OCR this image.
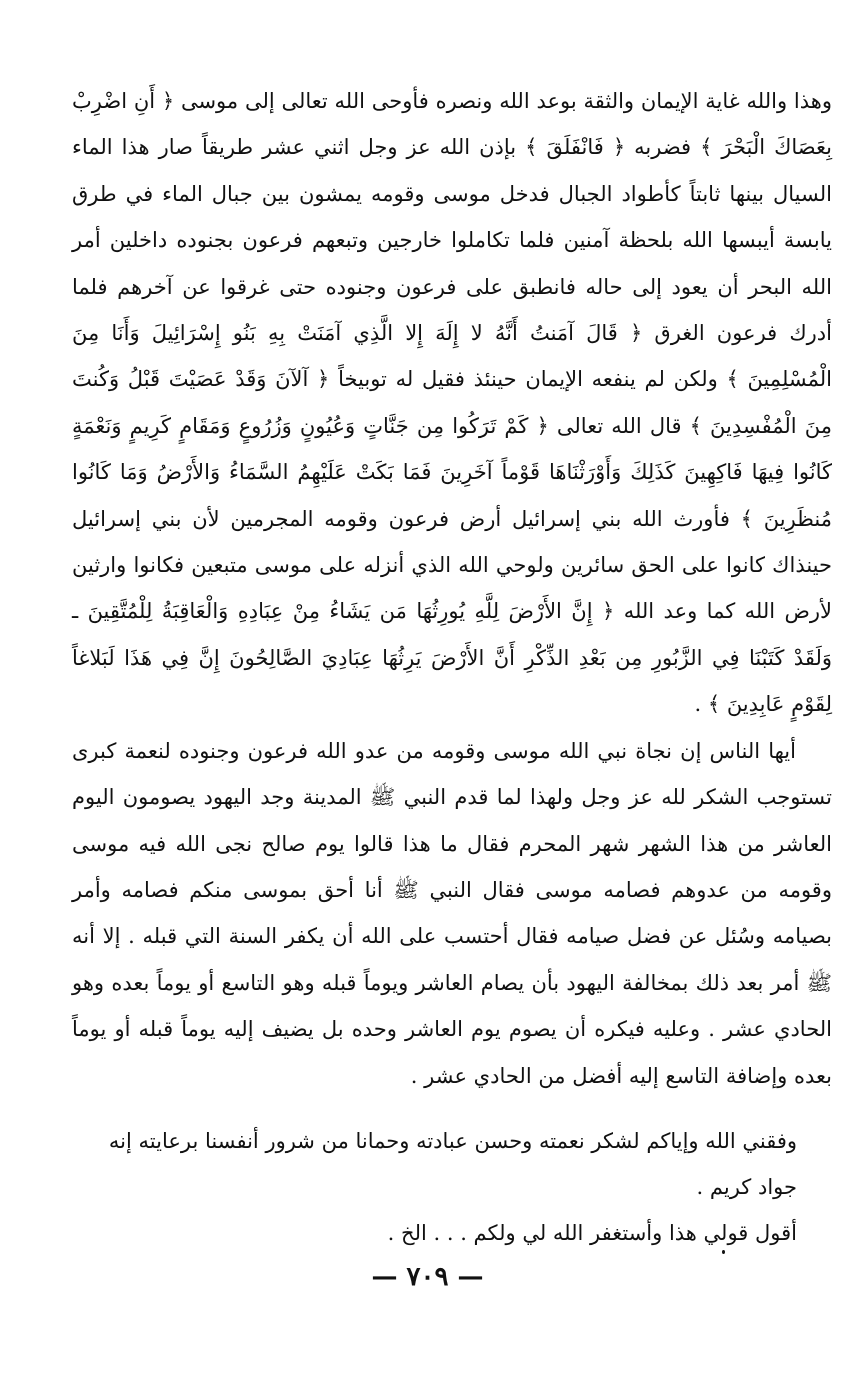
وهذا والله غاية الإيمان والثقة بوعد الله ونصره فأوحى الله تعالى إلى موسى ﴿ أَنِ اضْرِبْ بِعَصَاكَ الْبَحْرَ ﴾ فضربه ﴿ فَانْفَلَقَ ﴾ بإذن الله عز وجل اثني عشر طريقاً صار هذا الماء السيال بينها ثابتاً كأطواد الجبال فدخل موسى وقومه يمشون بين جبال الماء في طرق يابسة أيبسها الله بلحظة آمنين فلما تكاملوا خارجين وتبعهم فرعون بجنوده داخلين أمر الله البحر أن يعود إلى حاله فانطبق على فرعون وجنوده حتى غرقوا عن آخرهم فلما أدرك فرعون الغرق ﴿ قَالَ آمَنتُ أَنَّهُ لا إِلَهَ إِلا الَّذِي آمَنَتْ بِهِ بَنُو إِسْرَائِيلَ وَأَنَا مِنَ الْمُسْلِمِينَ ﴾ ولكن لم ينفعه الإيمان حينئذ فقيل له توبيخاً ﴿ آلآنَ وَقَدْ عَصَيْتَ قَبْلُ وَكُنتَ مِنَ الْمُفْسِدِينَ ﴾ قال الله تعالى ﴿ كَمْ تَرَكُوا مِن جَنَّاتٍ وَعُيُونٍ وَزُرُوعٍ وَمَقَامٍ كَرِيمٍ وَنَعْمَةٍ كَانُوا فِيهَا فَاكِهِينَ كَذَلِكَ وَأَوْرَثْنَاهَا قَوْماً آخَرِينَ فَمَا بَكَتْ عَلَيْهِمُ السَّمَاءُ وَالأَرْضُ وَمَا كَانُوا مُنظَرِينَ ﴾ فأورث الله بني إسرائيل أرض فرعون وقومه المجرمين لأن بني إسرائيل حينذاك كانوا على الحق سائرين ولوحي الله الذي أنزله على موسى متبعين فكانوا وارثين لأرض الله كما وعد الله ﴿ إِنَّ الأَرْضَ لِلَّهِ يُورِثُهَا مَن يَشَاءُ مِنْ عِبَادِهِ وَالْعَاقِبَةُ لِلْمُتَّقِينَ ـ وَلَقَدْ كَتَبْنَا فِي الزَّبُورِ مِن بَعْدِ الذِّكْرِ أَنَّ الأَرْضَ يَرِثُهَا عِبَادِيَ الصَّالِحُونَ إِنَّ فِي هَذَا لَبَلاغاً لِقَوْمٍ عَابِدِينَ ﴾ .

أيها الناس إن نجاة نبي الله موسى وقومه من عدو الله فرعون وجنوده لنعمة كبرى تستوجب الشكر لله عز وجل ولهذا لما قدم النبي ﷺ المدينة وجد اليهود يصومون اليوم العاشر من هذا الشهر شهر المحرم فقال ما هذا قالوا يوم صالح نجى الله فيه موسى وقومه من عدوهم فصامه موسى فقال النبي ﷺ أنا أحق بموسى منكم فصامه وأمر بصيامه وسُئل عن فضل صيامه فقال أحتسب على الله أن يكفر السنة التي قبله . إلا أنه ﷺ أمر بعد ذلك بمخالفة اليهود بأن يصام العاشر ويوماً قبله وهو التاسع أو يوماً بعده وهو الحادي عشر . وعليه فيكره أن يصوم يوم العاشر وحده بل يضيف إليه يوماً قبله أو يوماً بعده وإضافة التاسع إليه أفضل من الحادي عشر .

وفقني الله وإياكم لشكر نعمته وحسن عبادته وحمانا من شرور أنفسنا برعايته إنه جواد كريم .

أقول قولي هذا وأستغفر الله لي ولكم . . . الخ .

— ٧٠٩ —
